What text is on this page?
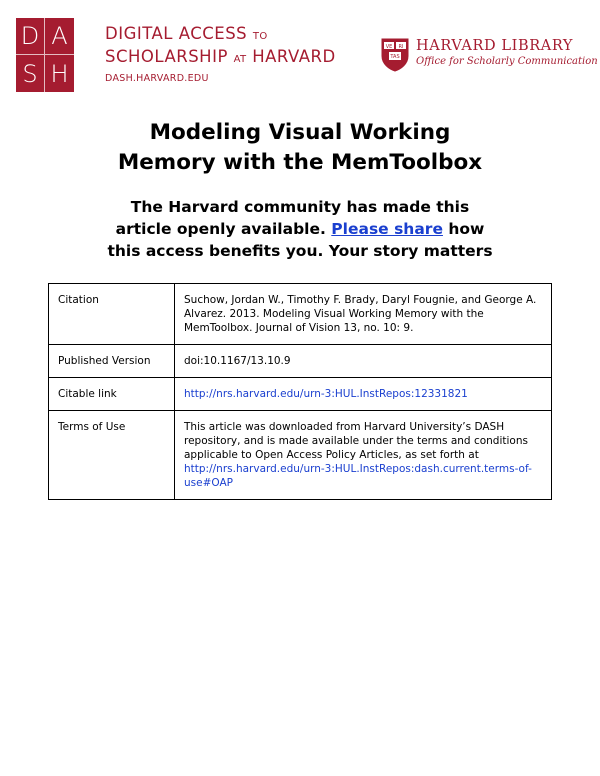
D A
S H
DIGITAL ACCESS TO
SCHOLARSHIP AT HARVARD
DASH.HARVARD.EDU
VE RI
TAS
HARVARD LIBRARY
Office for Scholarly Communication
Modeling Visual Working
Memory with the MemToolbox
The Harvard community has made this
article openly available. Please share how
this access benefits you. Your story matters
Citation	Suchow, Jordan W., Timothy F. Brady, Daryl Fougnie, and George A. Alvarez. 2013. Modeling Visual Working Memory with the MemToolbox. Journal of Vision 13, no. 10: 9.
Published Version	doi:10.1167/13.10.9
Citable link	http://nrs.harvard.edu/urn-3:HUL.InstRepos:12331821
Terms of Use	This article was downloaded from Harvard University’s DASH repository, and is made available under the terms and conditions applicable to Open Access Policy Articles, as set forth at http://nrs.harvard.edu/urn-3:HUL.InstRepos:dash.current.terms-of-use#OAP
